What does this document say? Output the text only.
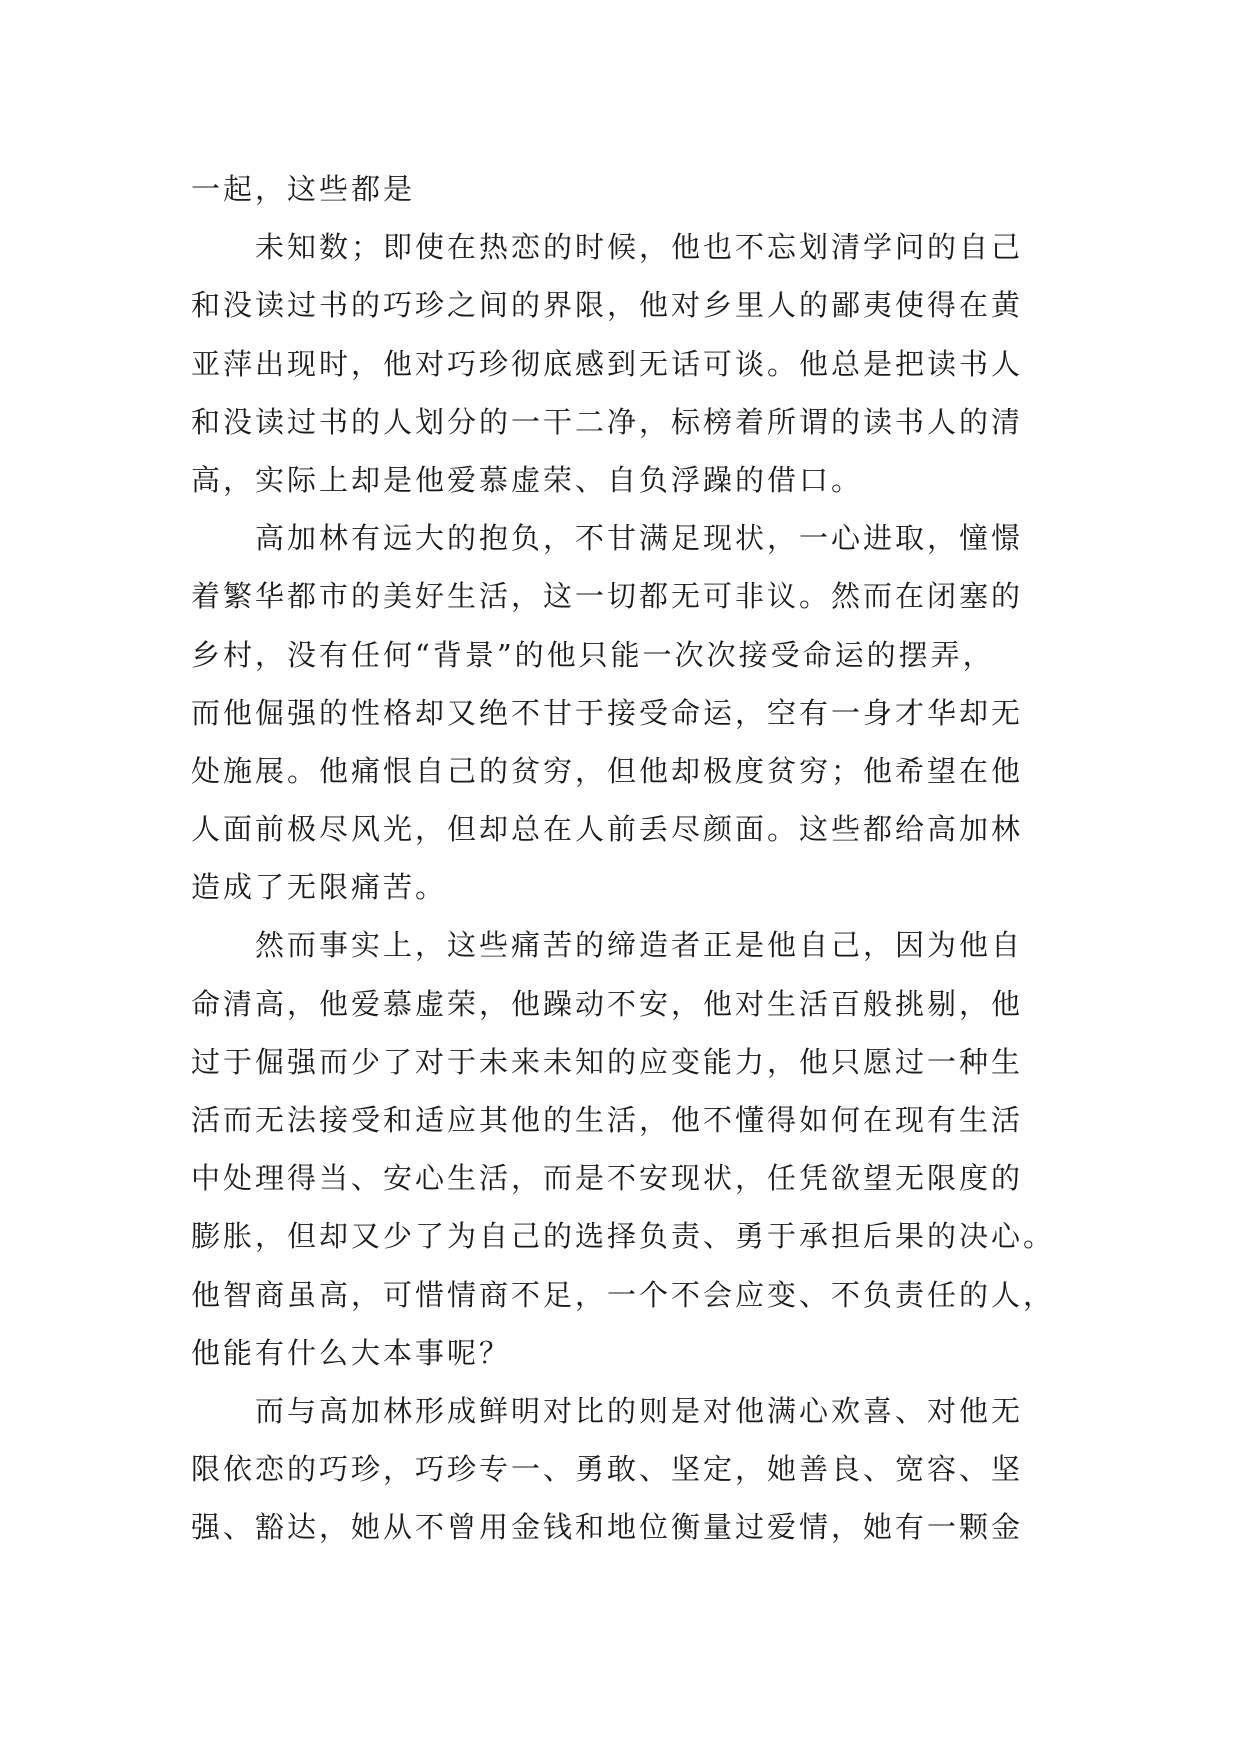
一起，这些都是
未知数；即使在热恋的时候，他也不忘划清学问的自己
和没读过书的巧珍之间的界限，他对乡里人的鄙夷使得在黄
亚萍出现时，他对巧珍彻底感到无话可谈。他总是把读书人
和没读过书的人划分的一干二净，标榜着所谓的读书人的清
高，实际上却是他爱慕虚荣、自负浮躁的借口。
高加林有远大的抱负，不甘满足现状，一心进取，憧憬
着繁华都市的美好生活，这一切都无可非议。然而在闭塞的
乡村，没有任何“背景”的他只能一次次接受命运的摆弄，
而他倔强的性格却又绝不甘于接受命运，空有一身才华却无
处施展。他痛恨自己的贫穷，但他却极度贫穷；他希望在他
人面前极尽风光，但却总在人前丢尽颜面。这些都给高加林
造成了无限痛苦。
然而事实上，这些痛苦的缔造者正是他自己，因为他自
命清高，他爱慕虚荣，他躁动不安，他对生活百般挑剔，他
过于倔强而少了对于未来未知的应变能力，他只愿过一种生
活而无法接受和适应其他的生活，他不懂得如何在现有生活
中处理得当、安心生活，而是不安现状，任凭欲望无限度的
膨胀，但却又少了为自己的选择负责、勇于承担后果的决心。
他智商虽高，可惜情商不足，一个不会应变、不负责任的人，
他能有什么大本事呢？
而与高加林形成鲜明对比的则是对他满心欢喜、对他无
限依恋的巧珍，巧珍专一、勇敢、坚定，她善良、宽容、坚
强、豁达，她从不曾用金钱和地位衡量过爱情，她有一颗金
